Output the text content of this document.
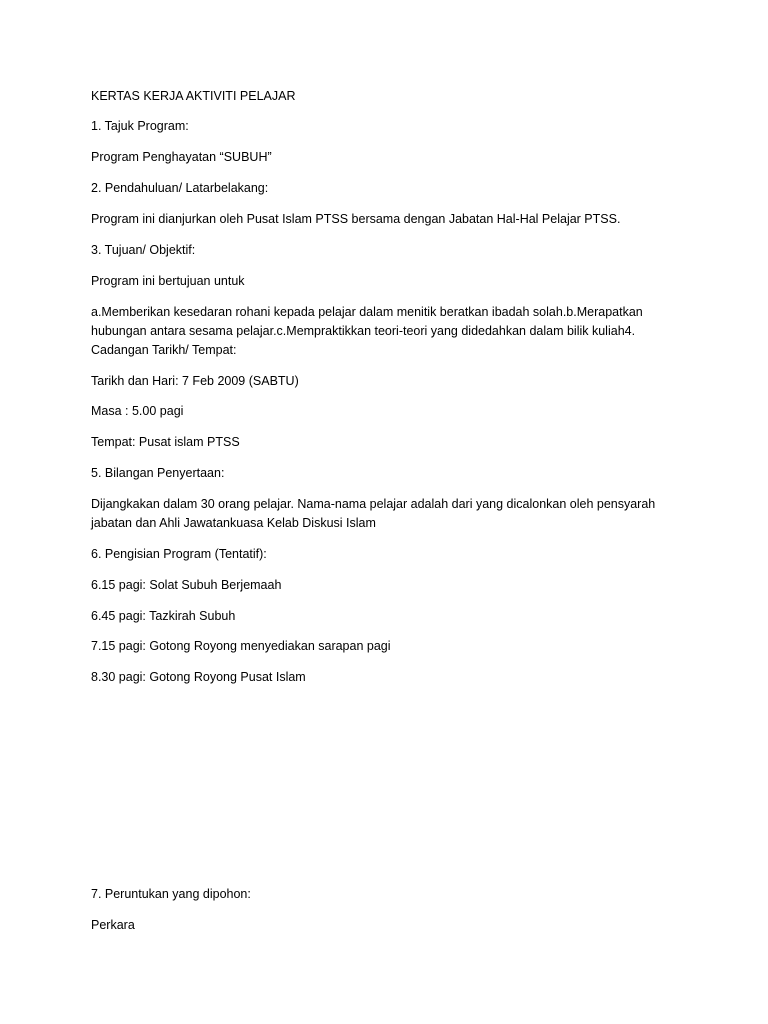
KERTAS KERJA AKTIVITI PELAJAR
1. Tajuk Program:
Program Penghayatan “SUBUH”
2. Pendahuluan/ Latarbelakang:
Program ini dianjurkan oleh Pusat Islam PTSS bersama dengan Jabatan Hal-Hal Pelajar PTSS.
3. Tujuan/ Objektif:
Program ini bertujuan untuk
a.Memberikan kesedaran rohani kepada pelajar dalam menitik beratkan ibadah solah.b.Merapatkan
hubungan antara sesama pelajar.c.Mempraktikkan teori-teori yang didedahkan dalam bilik kuliah4.
Cadangan Tarikh/ Tempat:
Tarikh dan Hari: 7 Feb 2009 (SABTU)
Masa : 5.00 pagi
Tempat: Pusat islam PTSS
5. Bilangan Penyertaan:
Dijangkakan dalam 30 orang pelajar. Nama-nama pelajar adalah dari yang dicalonkan oleh pensyarah
jabatan dan Ahli Jawatankuasa Kelab Diskusi Islam
6. Pengisian Program (Tentatif):
6.15 pagi: Solat Subuh Berjemaah
6.45 pagi: Tazkirah Subuh
7.15 pagi: Gotong Royong menyediakan sarapan pagi
8.30 pagi: Gotong Royong Pusat Islam
7. Peruntukan yang dipohon:
Perkara
